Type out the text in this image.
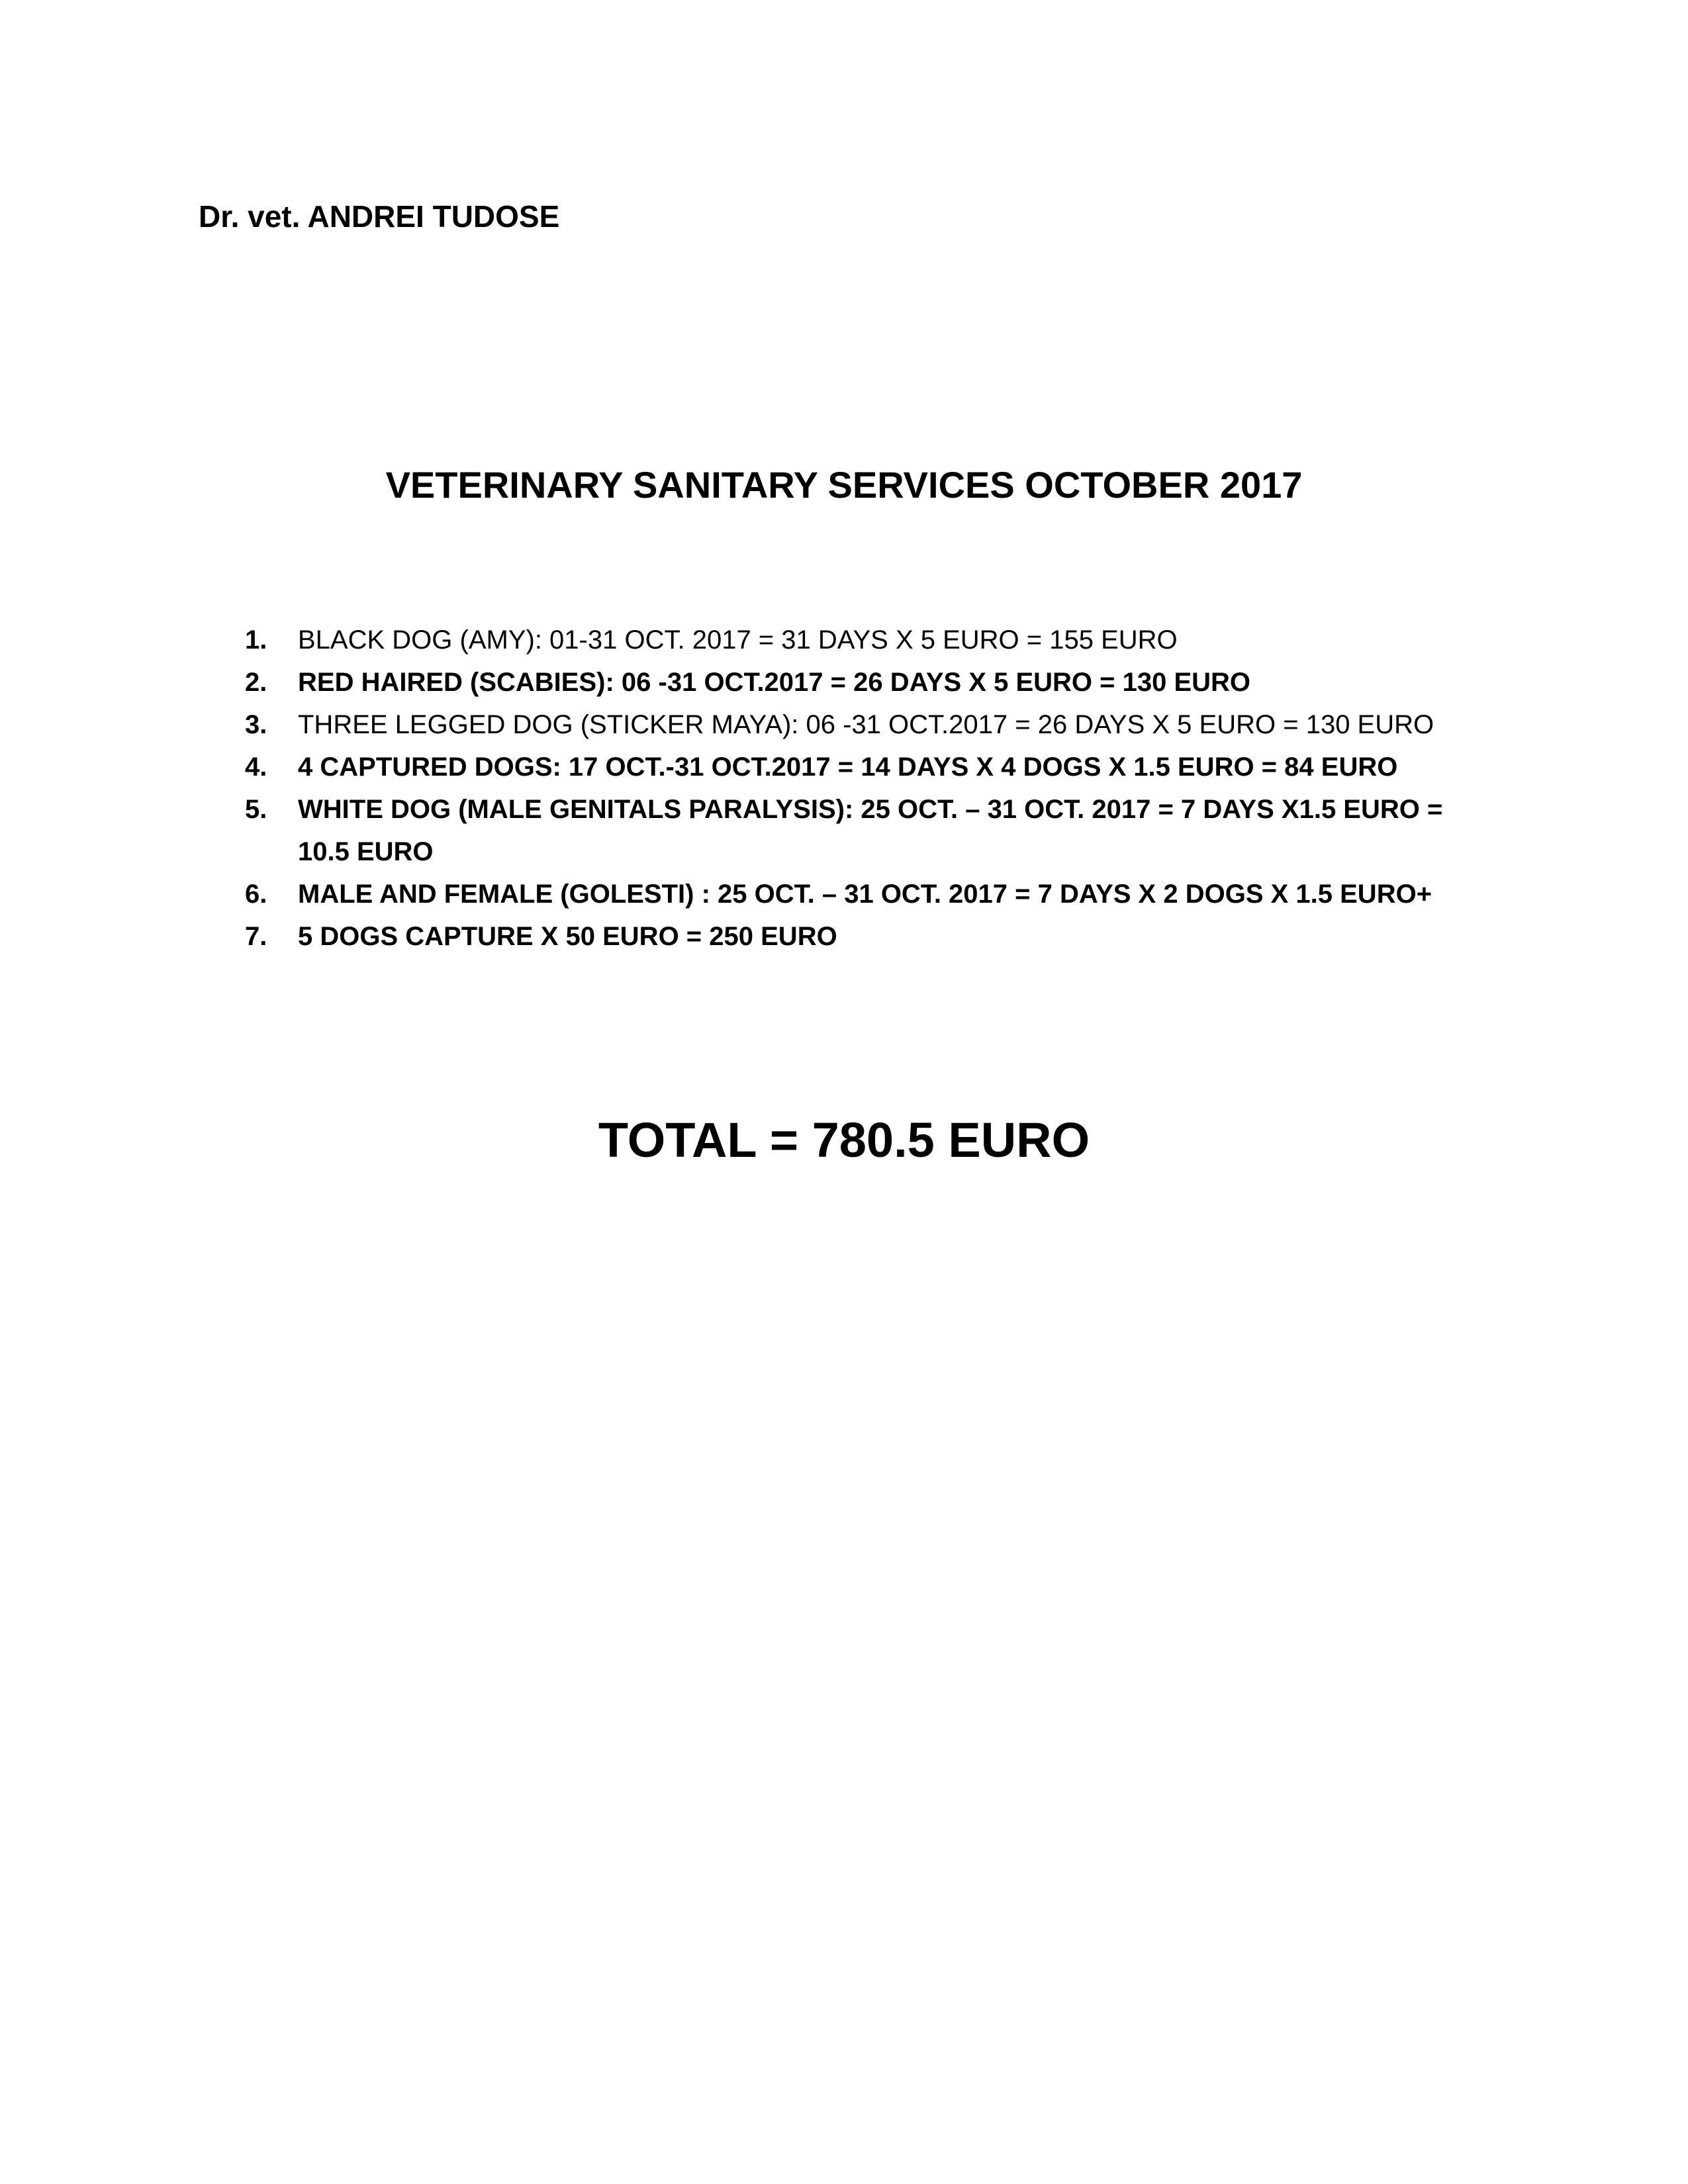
Dr. vet. ANDREI TUDOSE
VETERINARY SANITARY SERVICES OCTOBER 2017
1.	BLACK DOG (AMY): 01-31 OCT. 2017 = 31 DAYS X 5 EURO = 155 EURO
2.	RED HAIRED (SCABIES): 06 -31 OCT.2017 = 26 DAYS X 5 EURO = 130 EURO
3.	THREE LEGGED DOG (STICKER MAYA): 06 -31 OCT.2017 = 26 DAYS X 5 EURO = 130 EURO
4.	4 CAPTURED DOGS: 17 OCT.-31 OCT.2017 = 14 DAYS X 4 DOGS X 1.5 EURO = 84 EURO
5.	WHITE DOG (MALE GENITALS PARALYSIS): 25 OCT. – 31 OCT. 2017 = 7 DAYS X1.5 EURO = 10.5 EURO
6.	MALE AND FEMALE (GOLESTI) : 25 OCT. – 31 OCT. 2017 = 7 DAYS X 2 DOGS X 1.5 EURO+
7.	5 DOGS CAPTURE X 50 EURO = 250 EURO
TOTAL = 780.5 EURO
